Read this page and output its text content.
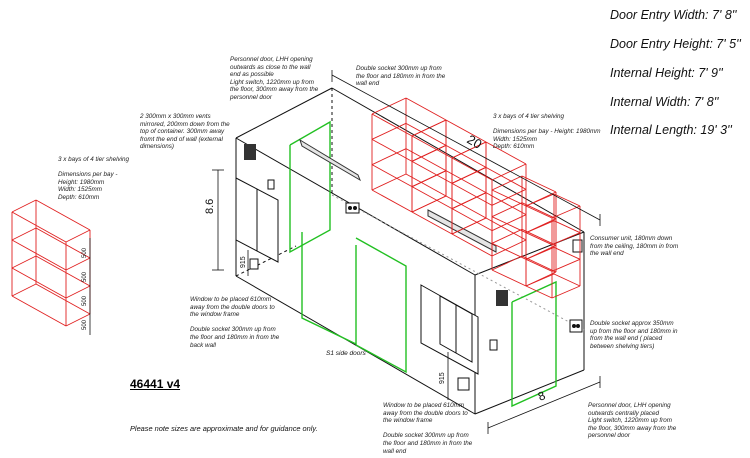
20
8
8.6
915
915
500
500
500
500
S1 side doors
Door Entry Width: 7' 8''
Door Entry Height: 7' 5''
Internal Height: 7' 9''
Internal Width: 7' 8''
Internal Length: 19' 3''
3 x bays of 4 tier shelving

Dimensions per bay -
Height: 1980mm
Width: 1525mm
Depth: 610mm
2 300mm x 300mm vents
mirrored, 200mm down from the
top of container. 300mm away
fromt the end of wall (external
dimensions)
Personnel door, LHH opening
outwards as close to the wall
end as possible
Light switch, 1220mm up from
the floor, 300mm away from the
personnel door
Double socket 300mm up from
the floor and 180mm in from the
wall end
3 x bays of 4 tier shelving

Dimensions per bay - Height: 1980mm
Width: 1525mm
Depth: 610mm
Consumer unit, 180mm down
from the ceiling, 180mm in from
the wall end
Double socket approx 350mm
up from the floor and 180mm in
from the wall end ( placed
between shelving tiers)
Window to be placed 610mm
away from the double doors to
the window frame

Double socket 300mm up from
the floor and 180mm in from the
back wall
Window to be placed 610mm
away from the double doors to
the window frame

Double socket 300mm up from
the floor and 180mm in from the
wall end
Personnel door, LHH opening
outwards centrally placed
Light switch, 1220mm up from
the floor, 300mm away from the
personnel door
46441 v4
Please note sizes are approximate and for guidance only.
